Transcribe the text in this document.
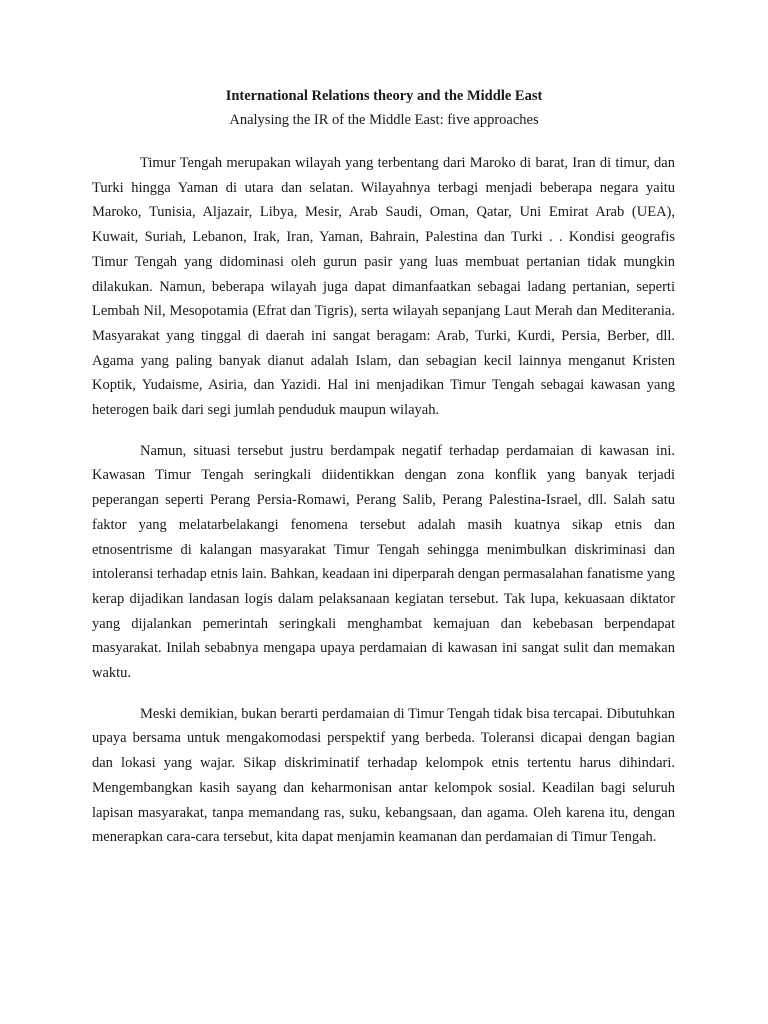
International Relations theory and the Middle East
Analysing the IR of the Middle East: five approaches

Timur Tengah merupakan wilayah yang terbentang dari Maroko di barat, Iran di timur, dan Turki hingga Yaman di utara dan selatan. Wilayahnya terbagi menjadi beberapa negara yaitu Maroko, Tunisia, Aljazair, Libya, Mesir, Arab Saudi, Oman, Qatar, Uni Emirat Arab (UEA), Kuwait, Suriah, Lebanon, Irak, Iran, Yaman, Bahrain, Palestina dan Turki . . Kondisi geografis Timur Tengah yang didominasi oleh gurun pasir yang luas membuat pertanian tidak mungkin dilakukan. Namun, beberapa wilayah juga dapat dimanfaatkan sebagai ladang pertanian, seperti Lembah Nil, Mesopotamia (Efrat dan Tigris), serta wilayah sepanjang Laut Merah dan Mediterania. Masyarakat yang tinggal di daerah ini sangat beragam: Arab, Turki, Kurdi, Persia, Berber, dll. Agama yang paling banyak dianut adalah Islam, dan sebagian kecil lainnya menganut Kristen Koptik, Yudaisme, Asiria, dan Yazidi. Hal ini menjadikan Timur Tengah sebagai kawasan yang heterogen baik dari segi jumlah penduduk maupun wilayah.

Namun, situasi tersebut justru berdampak negatif terhadap perdamaian di kawasan ini. Kawasan Timur Tengah seringkali diidentikkan dengan zona konflik yang banyak terjadi peperangan seperti Perang Persia-Romawi, Perang Salib, Perang Palestina-Israel, dll. Salah satu faktor yang melatarbelakangi fenomena tersebut adalah masih kuatnya sikap etnis dan etnosentrisme di kalangan masyarakat Timur Tengah sehingga menimbulkan diskriminasi dan intoleransi terhadap etnis lain. Bahkan, keadaan ini diperparah dengan permasalahan fanatisme yang kerap dijadikan landasan logis dalam pelaksanaan kegiatan tersebut. Tak lupa, kekuasaan diktator yang dijalankan pemerintah seringkali menghambat kemajuan dan kebebasan berpendapat masyarakat. Inilah sebabnya mengapa upaya perdamaian di kawasan ini sangat sulit dan memakan waktu.

Meski demikian, bukan berarti perdamaian di Timur Tengah tidak bisa tercapai. Dibutuhkan upaya bersama untuk mengakomodasi perspektif yang berbeda. Toleransi dicapai dengan bagian dan lokasi yang wajar. Sikap diskriminatif terhadap kelompok etnis tertentu harus dihindari. Mengembangkan kasih sayang dan keharmonisan antar kelompok sosial. Keadilan bagi seluruh lapisan masyarakat, tanpa memandang ras, suku, kebangsaan, dan agama. Oleh karena itu, dengan menerapkan cara-cara tersebut, kita dapat menjamin keamanan dan perdamaian di Timur Tengah.
